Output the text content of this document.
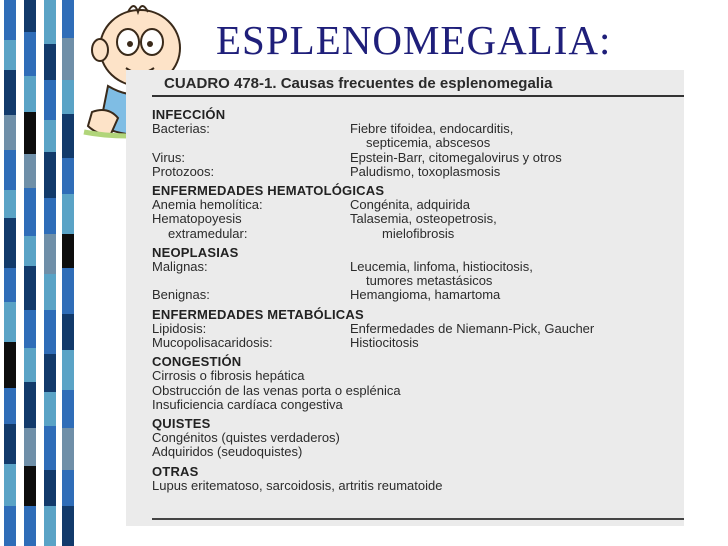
ESPLENOMEGALIA:
CUADRO 478-1. Causas frecuentes de esplenomegalia
INFECCIÓN
Bacterias:	Fiebre tifoidea, endocarditis,
septicemia, abscesos
Virus:	Epstein-Barr, citomegalovirus y otros
Protozoos:	Paludismo, toxoplasmosis
ENFERMEDADES HEMATOLÓGICAS
Anemia hemolítica:	Congénita, adquirida
Hematopoyesis	Talasemia, osteopetrosis,
extramedular:	mielofibrosis
NEOPLASIAS
Malignas:	Leucemia, linfoma, histiocitosis,
tumores metastásicos
Benignas:	Hemangioma, hamartoma
ENFERMEDADES METABÓLICAS
Lipidosis:	Enfermedades de Niemann-Pick, Gaucher
Mucopolisacaridosis:	Histiocitosis
CONGESTIÓN
Cirrosis o fibrosis hepática
Obstrucción de las venas porta o esplénica
Insuficiencia cardíaca congestiva
QUISTES
Congénitos (quistes verdaderos)
Adquiridos (seudoquistes)
OTRAS
Lupus eritematoso, sarcoidosis, artritis reumatoide
